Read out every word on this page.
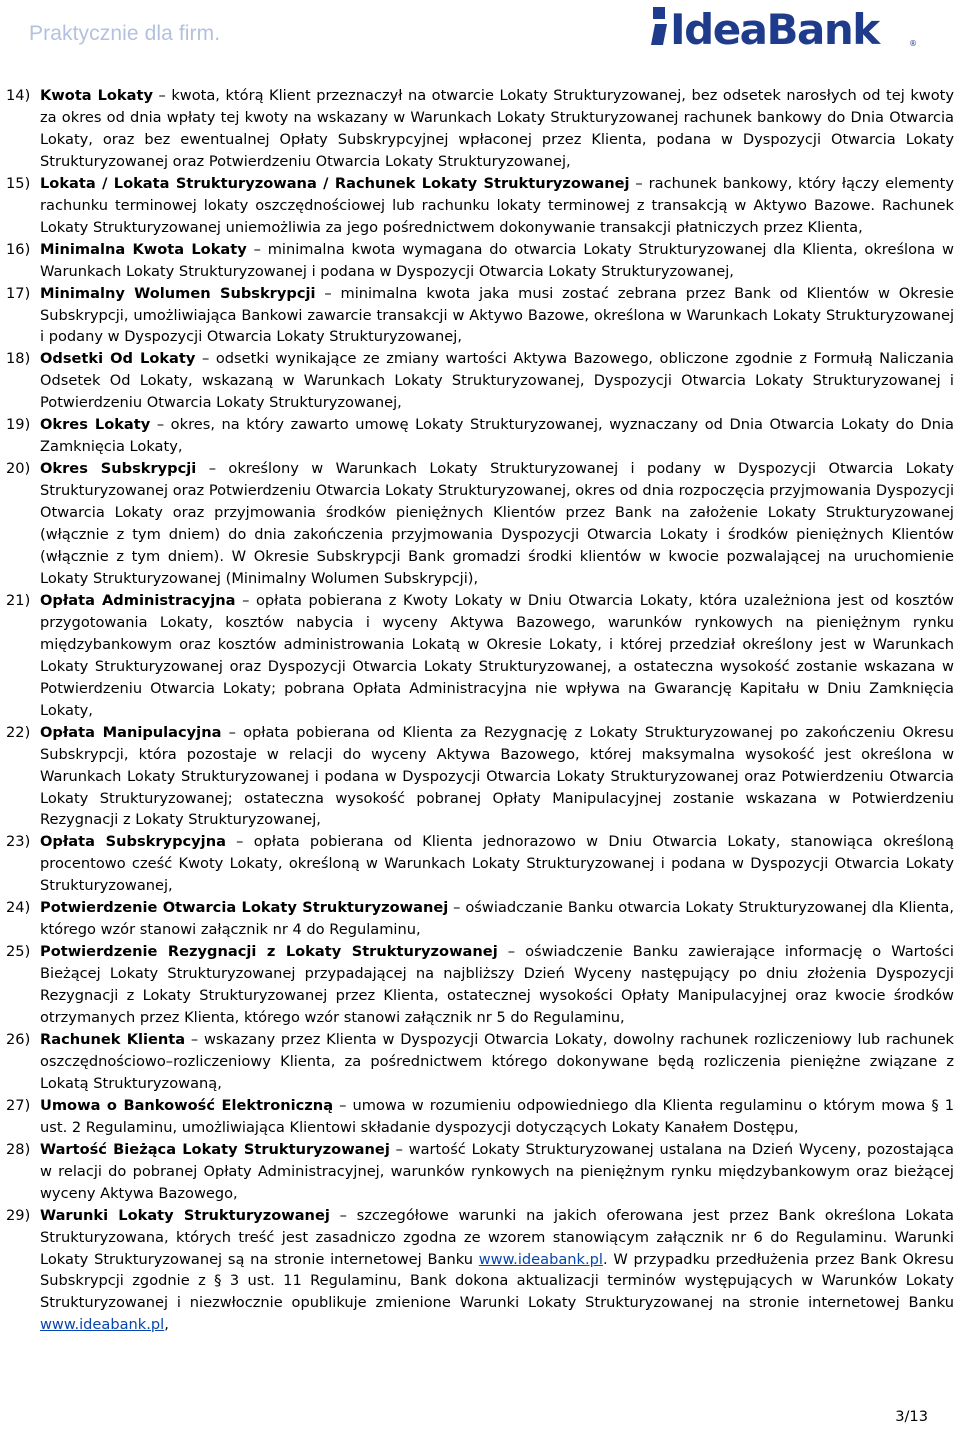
Praktycznie dla firm.	IdeaBank	®

14) Kwota Lokaty – kwota, którą Klient przeznaczył na otwarcie Lokaty Strukturyzowanej, bez odsetek narosłych od tej kwoty za okres od dnia wpłaty tej kwoty na wskazany w Warunkach Lokaty Strukturyzowanej rachunek bankowy do Dnia Otwarcia Lokaty, oraz bez ewentualnej Opłaty Subskrypcyjnej wpłaconej przez Klienta, podana w Dyspozycji Otwarcia Lokaty Strukturyzowanej oraz Potwierdzeniu Otwarcia Lokaty Strukturyzowanej,

15) Lokata / Lokata Strukturyzowana / Rachunek Lokaty Strukturyzowanej – rachunek bankowy, który łączy elementy rachunku terminowej lokaty oszczędnościowej lub rachunku lokaty terminowej z transakcją w Aktywo Bazowe. Rachunek Lokaty Strukturyzowanej uniemożliwia za jego pośrednictwem dokonywanie transakcji płatniczych przez Klienta,

16) Minimalna Kwota Lokaty – minimalna kwota wymagana do otwarcia Lokaty Strukturyzowanej dla Klienta, określona w Warunkach Lokaty Strukturyzowanej i podana w Dyspozycji Otwarcia Lokaty Strukturyzowanej,

17) Minimalny Wolumen Subskrypcji – minimalna kwota jaka musi zostać zebrana przez Bank od Klientów w Okresie Subskrypcji, umożliwiająca Bankowi zawarcie transakcji w Aktywo Bazowe, określona w Warunkach Lokaty Strukturyzowanej i podany w Dyspozycji Otwarcia Lokaty Strukturyzowanej,

18) Odsetki Od Lokaty – odsetki wynikające ze zmiany wartości Aktywa Bazowego, obliczone zgodnie z Formułą Naliczania Odsetek Od Lokaty, wskazaną w Warunkach Lokaty Strukturyzowanej, Dyspozycji Otwarcia Lokaty Strukturyzowanej i Potwierdzeniu Otwarcia Lokaty Strukturyzowanej,

19) Okres Lokaty – okres, na który zawarto umowę Lokaty Strukturyzowanej, wyznaczany od Dnia Otwarcia Lokaty do Dnia Zamknięcia Lokaty,

20) Okres Subskrypcji – określony w Warunkach Lokaty Strukturyzowanej i podany w Dyspozycji Otwarcia Lokaty Strukturyzowanej oraz Potwierdzeniu Otwarcia Lokaty Strukturyzowanej, okres od dnia rozpoczęcia przyjmowania Dyspozycji Otwarcia Lokaty oraz przyjmowania środków pieniężnych Klientów przez Bank na założenie Lokaty Strukturyzowanej (włącznie z tym dniem) do dnia zakończenia przyjmowania Dyspozycji Otwarcia Lokaty i środków pieniężnych Klientów (włącznie z tym dniem). W Okresie Subskrypcji Bank gromadzi środki klientów w kwocie pozwalającej na uruchomienie Lokaty Strukturyzowanej (Minimalny Wolumen Subskrypcji),

21) Opłata Administracyjna – opłata pobierana z Kwoty Lokaty w Dniu Otwarcia Lokaty, która uzależniona jest od kosztów przygotowania Lokaty, kosztów nabycia i wyceny Aktywa Bazowego, warunków rynkowych na pieniężnym rynku międzybankowym oraz kosztów administrowania Lokatą w Okresie Lokaty, i której przedział określony jest w Warunkach Lokaty Strukturyzowanej oraz Dyspozycji Otwarcia Lokaty Strukturyzowanej, a ostateczna wysokość zostanie wskazana w Potwierdzeniu Otwarcia Lokaty; pobrana Opłata Administracyjna nie wpływa na Gwarancję Kapitału w Dniu Zamknięcia Lokaty,

22) Opłata Manipulacyjna – opłata pobierana od Klienta za Rezygnację z Lokaty Strukturyzowanej po zakończeniu Okresu Subskrypcji, która pozostaje w relacji do wyceny Aktywa Bazowego, której maksymalna wysokość jest określona w Warunkach Lokaty Strukturyzowanej i podana w Dyspozycji Otwarcia Lokaty Strukturyzowanej oraz Potwierdzeniu Otwarcia Lokaty Strukturyzowanej; ostateczna wysokość pobranej Opłaty Manipulacyjnej zostanie wskazana w Potwierdzeniu Rezygnacji z Lokaty Strukturyzowanej,

23) Opłata Subskrypcyjna – opłata pobierana od Klienta jednorazowo w Dniu Otwarcia Lokaty, stanowiąca określoną procentowo cześć Kwoty Lokaty, określoną w Warunkach Lokaty Strukturyzowanej i podana w Dyspozycji Otwarcia Lokaty Strukturyzowanej,

24) Potwierdzenie Otwarcia Lokaty Strukturyzowanej – oświadczanie Banku otwarcia Lokaty Strukturyzowanej dla Klienta, którego wzór stanowi załącznik nr 4 do Regulaminu,

25) Potwierdzenie Rezygnacji z Lokaty Strukturyzowanej – oświadczenie Banku zawierające informację o Wartości Bieżącej Lokaty Strukturyzowanej przypadającej na najbliższy Dzień Wyceny następujący po dniu złożenia Dyspozycji Rezygnacji z Lokaty Strukturyzowanej przez Klienta, ostatecznej wysokości Opłaty Manipulacyjnej oraz kwocie środków otrzymanych przez Klienta, którego wzór stanowi załącznik nr 5 do Regulaminu,

26) Rachunek Klienta – wskazany przez Klienta w Dyspozycji Otwarcia Lokaty, dowolny rachunek rozliczeniowy lub rachunek oszczędnościowo–rozliczeniowy Klienta, za pośrednictwem którego dokonywane będą rozliczenia pieniężne związane z Lokatą Strukturyzowaną,

27) Umowa o Bankowość Elektroniczną – umowa w rozumieniu odpowiedniego dla Klienta regulaminu o którym mowa § 1 ust. 2 Regulaminu, umożliwiająca Klientowi składanie dyspozycji dotyczących Lokaty Kanałem Dostępu,

28) Wartość Bieżąca Lokaty Strukturyzowanej – wartość Lokaty Strukturyzowanej ustalana na Dzień Wyceny, pozostająca w relacji do pobranej Opłaty Administracyjnej, warunków rynkowych na pieniężnym rynku międzybankowym oraz bieżącej wyceny Aktywa Bazowego,

29) Warunki Lokaty Strukturyzowanej – szczegółowe warunki na jakich oferowana jest przez Bank określona Lokata Strukturyzowana, których treść jest zasadniczo zgodna ze wzorem stanowiącym załącznik nr 6 do Regulaminu. Warunki Lokaty Strukturyzowanej są na stronie internetowej Banku www.ideabank.pl. W przypadku przedłużenia przez Bank Okresu Subskrypcji zgodnie z § 3 ust. 11 Regulaminu, Bank dokona aktualizacji terminów występujących w Warunków Lokaty Strukturyzowanej i niezwłocznie opublikuje zmienione Warunki Lokaty Strukturyzowanej na stronie internetowej Banku www.ideabank.pl,

3/13
